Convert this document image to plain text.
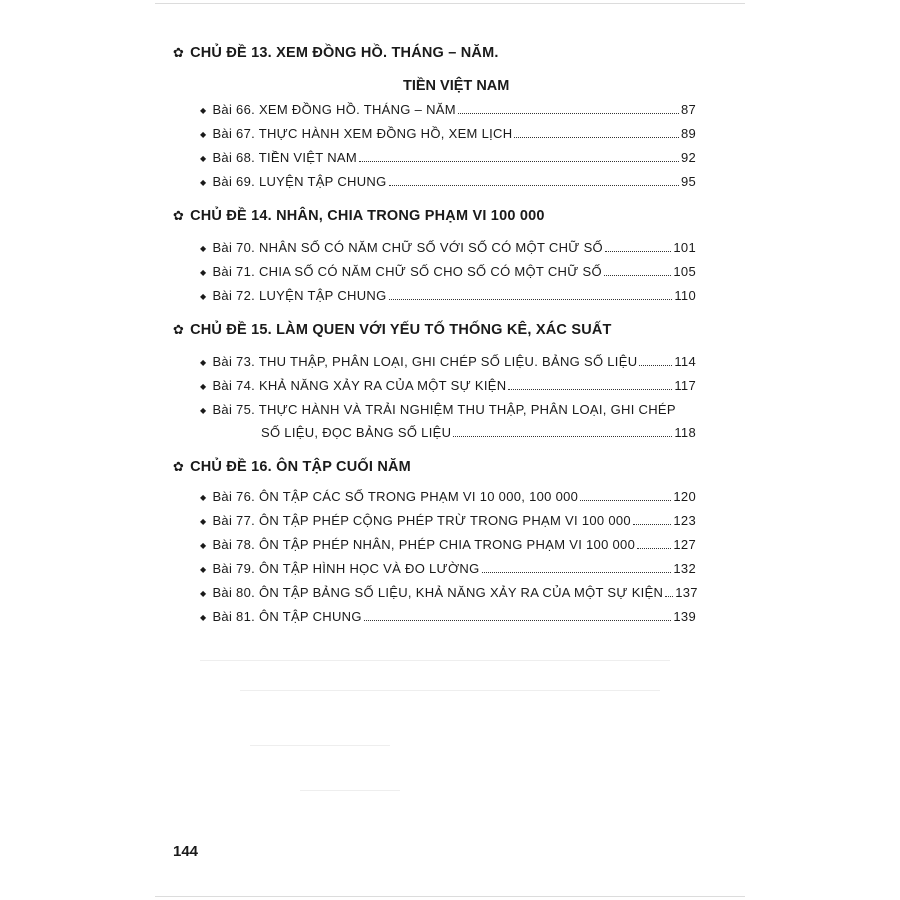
✿ CHỦ ĐỀ 13. XEM ĐỒNG HỒ. THÁNG – NĂM.
TIỀN VIỆT NAM
◆ Bài 66. XEM ĐỒNG HỒ. THÁNG – NĂM	87
◆ Bài 67. THỰC HÀNH XEM ĐỒNG HỒ, XEM LỊCH	89
◆ Bài 68. TIỀN VIỆT NAM	92
◆ Bài 69. LUYỆN TẬP CHUNG	95
✿ CHỦ ĐỀ 14. NHÂN, CHIA TRONG PHẠM VI 100 000
◆ Bài 70. NHÂN SỐ CÓ NĂM CHỮ SỐ VỚI SỐ CÓ MỘT CHỮ SỐ	101
◆ Bài 71. CHIA SỐ CÓ NĂM CHỮ SỐ CHO SỐ CÓ MỘT CHỮ SỐ	105
◆ Bài 72. LUYỆN TẬP CHUNG	110
✿ CHỦ ĐỀ 15. LÀM QUEN VỚI YẾU TỐ THỐNG KÊ, XÁC SUẤT
◆ Bài 73. THU THẬP, PHÂN LOẠI, GHI CHÉP SỐ LIỆU. BẢNG SỐ LIỆU	114
◆ Bài 74. KHẢ NĂNG XẢY RA CỦA MỘT SỰ KIỆN	117
◆ Bài 75. THỰC HÀNH VÀ TRẢI NGHIỆM THU THẬP, PHÂN LOẠI, GHI CHÉP
SỐ LIỆU, ĐỌC BẢNG SỐ LIỆU	118
✿ CHỦ ĐỀ 16. ÔN TẬP CUỐI NĂM
◆ Bài 76. ÔN TẬP CÁC SỐ TRONG PHẠM VI 10 000, 100 000	120
◆ Bài 77. ÔN TẬP PHÉP CỘNG PHÉP TRỪ TRONG PHẠM VI 100 000	123
◆ Bài 78. ÔN TẬP PHÉP NHÂN, PHÉP CHIA TRONG PHẠM VI 100 000	127
◆ Bài 79. ÔN TẬP HÌNH HỌC VÀ ĐO LƯỜNG	132
◆ Bài 80. ÔN TẬP BẢNG SỐ LIỆU, KHẢ NĂNG XẢY RA CỦA MỘT SỰ KIỆN 137
◆ Bài 81. ÔN TẬP CHUNG	139
144
